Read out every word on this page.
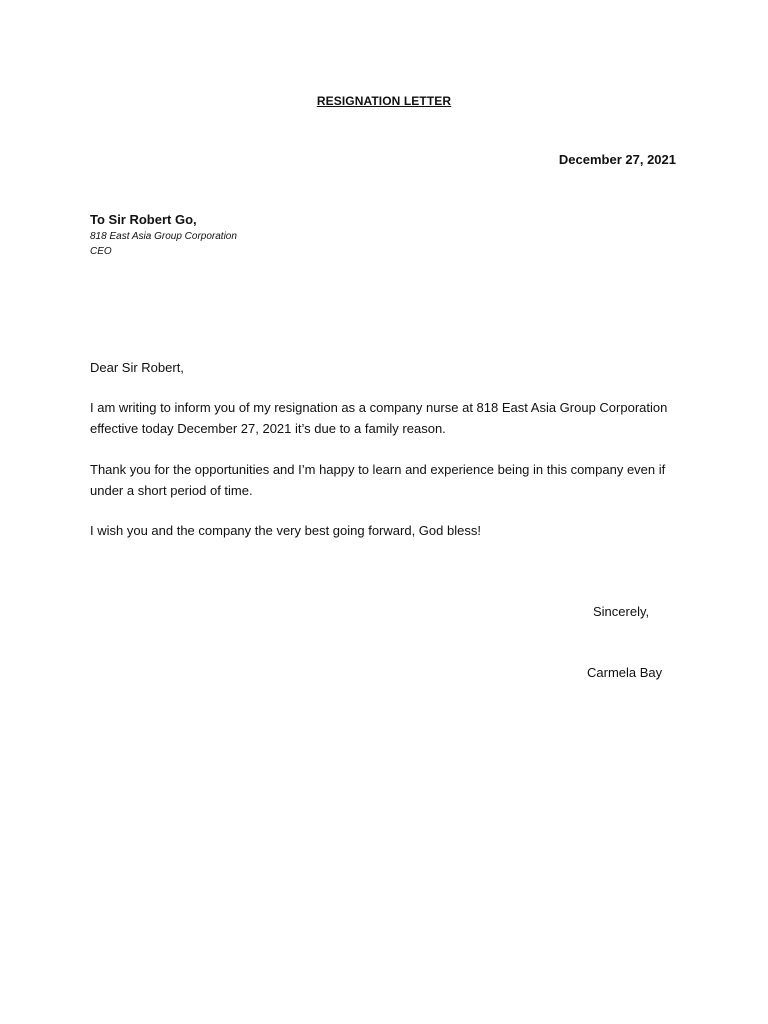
RESIGNATION LETTER
December 27, 2021
To Sir Robert Go,
818 East Asia Group Corporation
CEO
Dear Sir Robert,
I am writing to inform you of my resignation as a company nurse at 818 East Asia Group Corporation effective today December 27, 2021 it’s due to a family reason.
Thank you for the opportunities and I’m happy to learn and experience being in this company even if under a short period of time.
I wish you and the company the very best going forward, God bless!
Sincerely,
Carmela Bay
